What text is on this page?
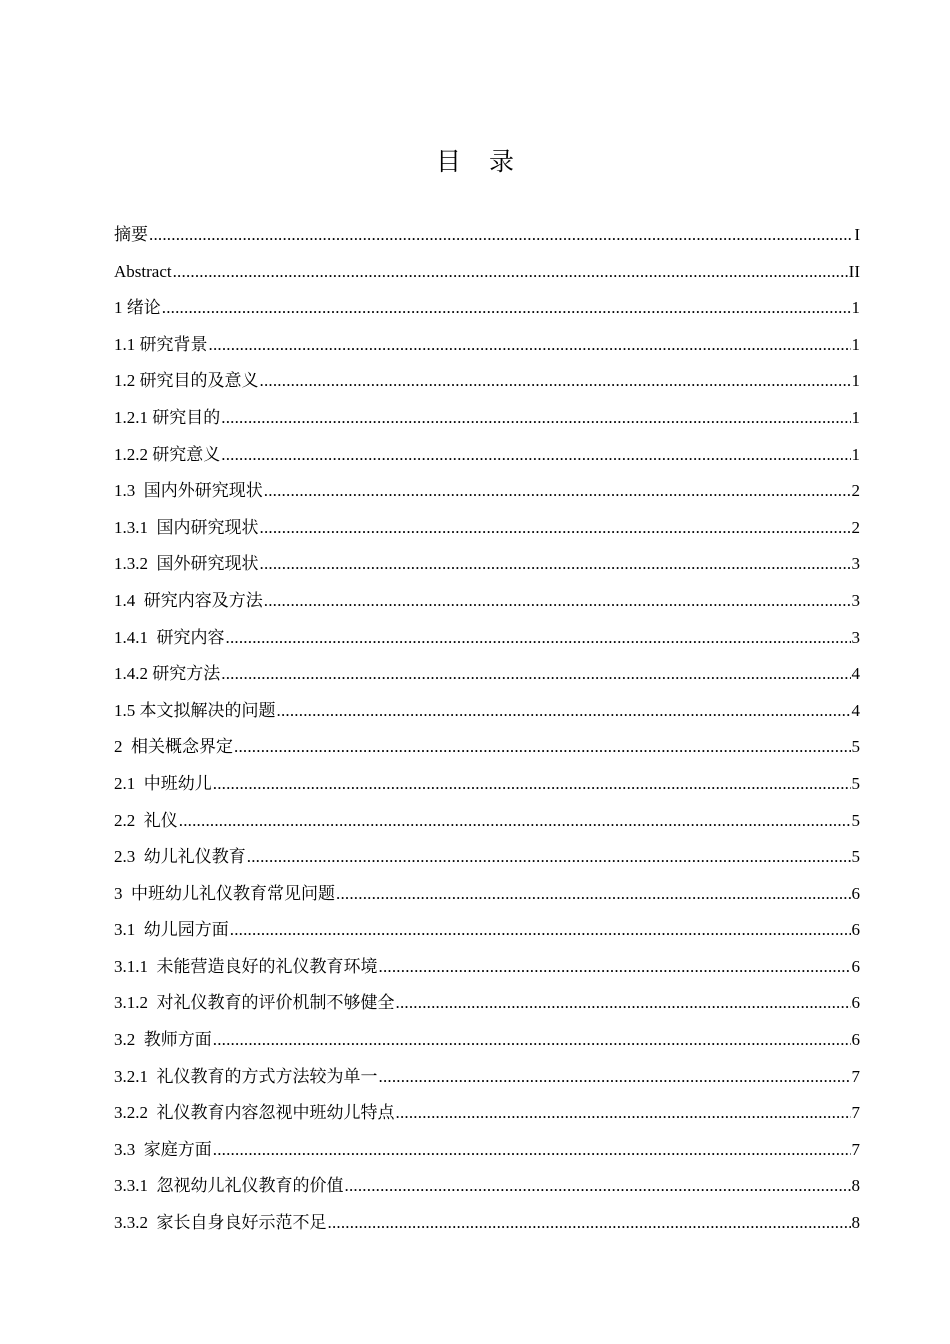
目录
摘要 .....	I
Abstract .....	II
1 绪论 .....	1
1.1 研究背景 .....	1
1.2 研究目的及意义 .....	1
1.2.1 研究目的 .....	1
1.2.2 研究意义 .....	1
1.3  国内外研究现状 .....	2
1.3.1  国内研究现状 .....	2
1.3.2  国外研究现状 .....	3
1.4  研究内容及方法 .....	3
1.4.1  研究内容 .....	3
1.4.2 研究方法 .....	4
1.5 本文拟解决的问题 .....	4
2  相关概念界定 .....	5
2.1  中班幼儿 .....	5
2.2  礼仪 .....	5
2.3  幼儿礼仪教育 .....	5
3  中班幼儿礼仪教育常见问题 .....	6
3.1  幼儿园方面 .....	6
3.1.1  未能营造良好的礼仪教育环境 .....	6
3.1.2  对礼仪教育的评价机制不够健全 .....	6
3.2  教师方面 .....	6
3.2.1  礼仪教育的方式方法较为单一 .....	7
3.2.2  礼仪教育内容忽视中班幼儿特点 .....	7
3.3  家庭方面 .....	7
3.3.1  忽视幼儿礼仪教育的价值 .....	8
3.3.2  家长自身良好示范不足 .....	8
